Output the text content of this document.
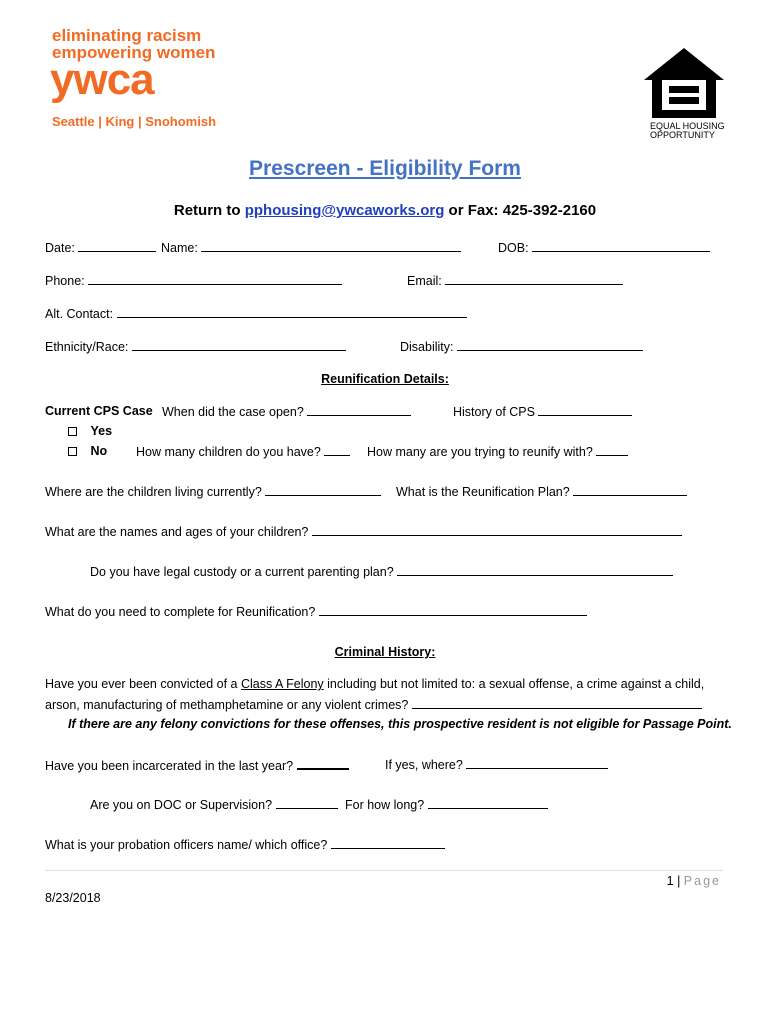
eliminating racism
empowering women
ywca
Seattle | King | Snohomish	EQUAL HOUSING
OPPORTUNITY
Prescreen - Eligibility Form
Return to pphousing@ywcaworks.org or Fax: 425-392-2160
Date:	Name:	DOB:
Phone:	Email:
Alt. Contact:
Ethnicity/Race:	Disability:
Reunification Details:
Current CPS Case When did the case open?	History of CPS
Yes
No How many children do you have?	How many are you trying to reunify with?
Where are the children living currently?	What is the Reunification Plan?
What are the names and ages of your children?
Do you have legal custody or a current parenting plan?
What do you need to complete for Reunification?
Criminal History:
Have you ever been convicted of a Class A Felony including but not limited to: a sexual offense, a crime against a child,
arson, manufacturing of methamphetamine or any violent crimes?
If there are any felony convictions for these offenses, this prospective resident is not eligible for Passage Point.
Have you been incarcerated in the last year?	If yes, where?
Are you on DOC or Supervision?	For how long?
What is your probation officers name/ which office?
1 | Page
8/23/2018
